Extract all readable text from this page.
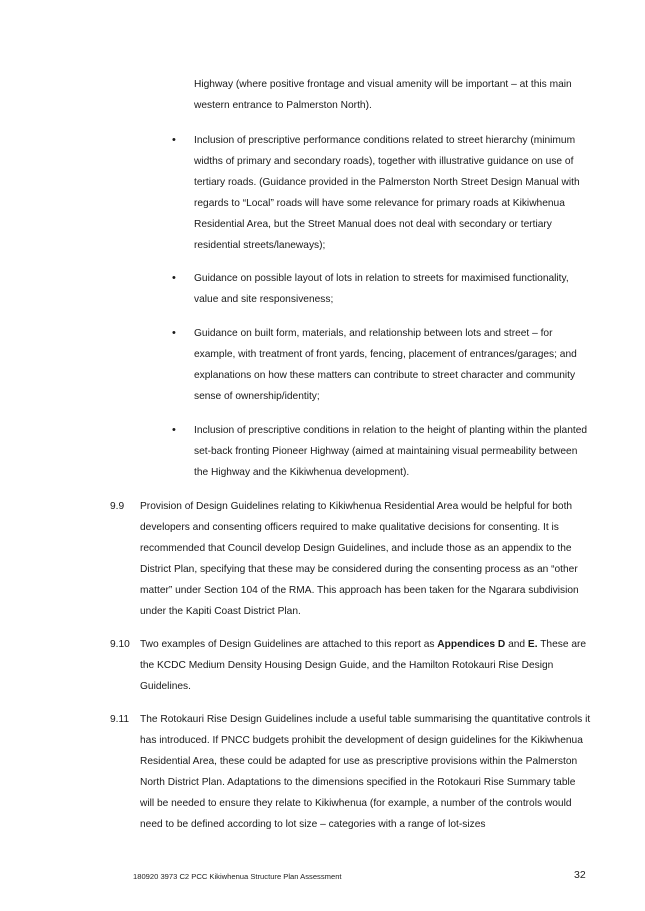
Highway (where positive frontage and visual amenity will be important – at this main western entrance to Palmerston North).
• Inclusion of prescriptive performance conditions related to street hierarchy (minimum widths of primary and secondary roads), together with illustrative guidance on use of tertiary roads. (Guidance provided in the Palmerston North Street Design Manual with regards to “Local” roads will have some relevance for primary roads at Kikiwhenua Residential Area, but the Street Manual does not deal with secondary or tertiary residential streets/laneways);
• Guidance on possible layout of lots in relation to streets for maximised functionality, value and site responsiveness;
• Guidance on built form, materials, and relationship between lots and street – for example, with treatment of front yards, fencing, placement of entrances/garages; and explanations on how these matters can contribute to street character and community sense of ownership/identity;
• Inclusion of prescriptive conditions in relation to the height of planting within the planted set-back fronting Pioneer Highway (aimed at maintaining visual permeability between the Highway and the Kikiwhenua development).
9.9 Provision of Design Guidelines relating to Kikiwhenua Residential Area would be helpful for both developers and consenting officers required to make qualitative decisions for consenting. It is recommended that Council develop Design Guidelines, and include those as an appendix to the District Plan, specifying that these may be considered during the consenting process as an “other matter” under Section 104 of the RMA. This approach has been taken for the Ngarara subdivision under the Kapiti Coast District Plan.
9.10 Two examples of Design Guidelines are attached to this report as Appendices D and E. These are the KCDC Medium Density Housing Design Guide, and the Hamilton Rotokauri Rise Design Guidelines.
9.11 The Rotokauri Rise Design Guidelines include a useful table summarising the quantitative controls it has introduced. If PNCC budgets prohibit the development of design guidelines for the Kikiwhenua Residential Area, these could be adapted for use as prescriptive provisions within the Palmerston North District Plan. Adaptations to the dimensions specified in the Rotokauri Rise Summary table will be needed to ensure they relate to Kikiwhenua (for example, a number of the controls would need to be defined according to lot size – categories with a range of lot-sizes
180920 3973 C2 PCC Kikiwhenua Structure Plan Assessment	32
